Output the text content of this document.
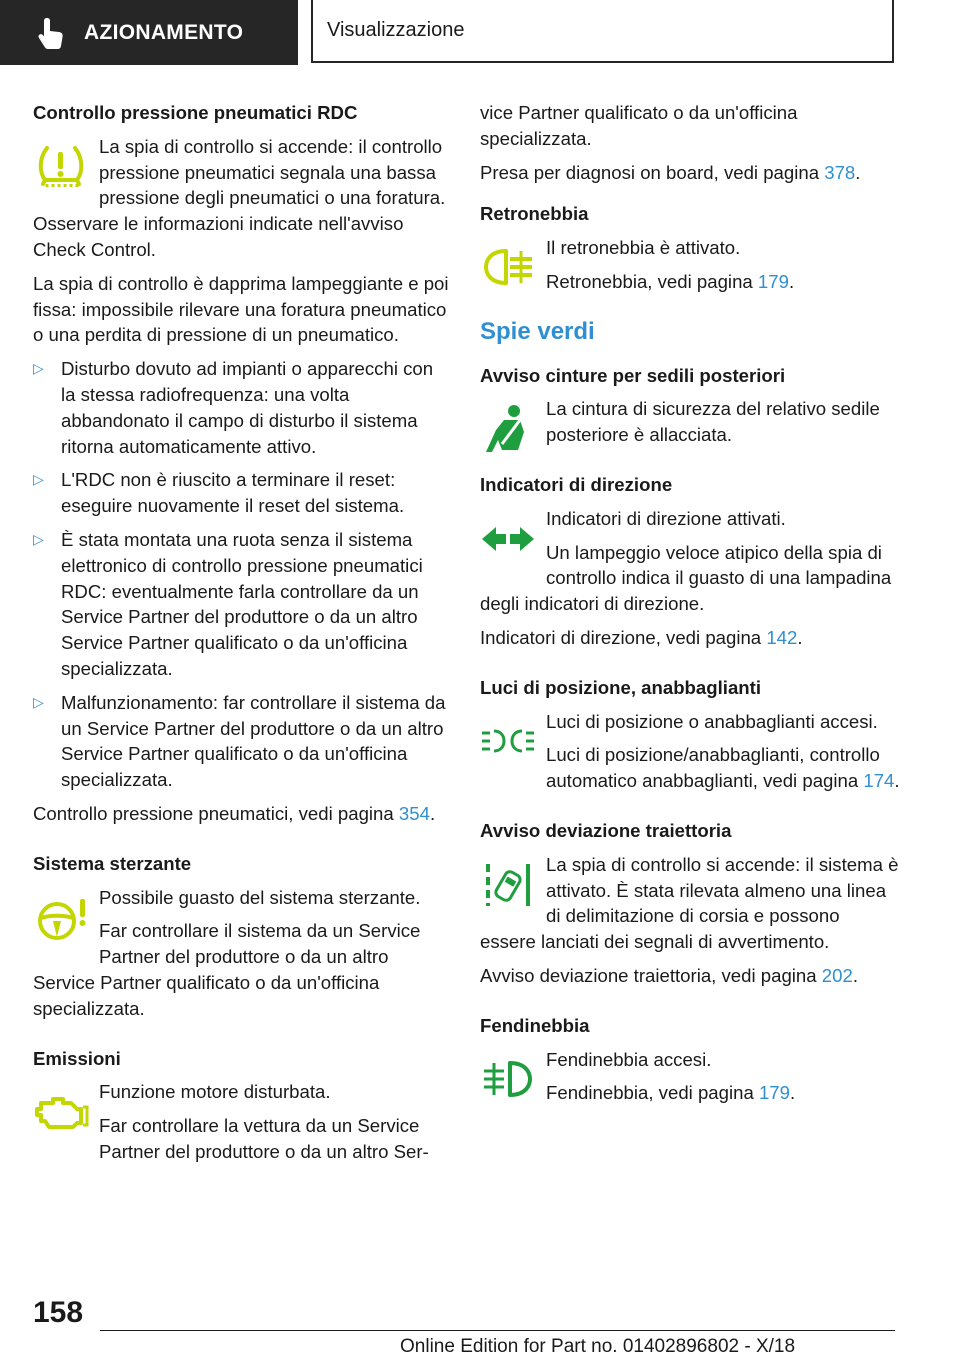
AZIONAMENTO	Visualizzazione
Controllo pressione pneumatici RDC

La spia di controllo si accende: il controllo pressione pneumatici segnala una bassa pressione degli pneumatici o una foratura. Osservare le informazioni indicate nell'avviso Check Control.

La spia di controllo è dapprima lampeggiante e poi fissa: impossibile rilevare una foratura pneumatico o una perdita di pressione di un pneumatico.

▷ Disturbo dovuto ad impianti o apparecchi con la stessa radiofrequenza: una volta abbandonato il campo di disturbo il sistema ritorna automaticamente attivo.
▷ L'RDC non è riuscito a terminare il reset: eseguire nuovamente il reset del sistema.
▷ È stata montata una ruota senza il sistema elettronico di controllo pressione pneumatici RDC: eventualmente farla controllare da un Service Partner del produttore o da un altro Service Partner qualificato o da un'officina specializzata.
▷ Malfunzionamento: far controllare il sistema da un Service Partner del produttore o da un altro Service Partner qualificato o da un'officina specializzata.

Controllo pressione pneumatici, vedi pagina 354.

Sistema sterzante

Possibile guasto del sistema sterzante.

Far controllare il sistema da un Service Partner del produttore o da un altro Service Partner qualificato o da un'officina specializzata.

Emissioni

Funzione motore disturbata.

Far controllare la vettura da un Service Partner del produttore o da un altro Ser-

vice Partner qualificato o da un'officina specializzata.

Presa per diagnosi on board, vedi pagina 378.

Retronebbia

Il retronebbia è attivato.

Retronebbia, vedi pagina 179.

Spie verdi
Avviso cinture per sedili posteriori

La cintura di sicurezza del relativo sedile posteriore è allacciata.

Indicatori di direzione

Indicatori di direzione attivati.

Un lampeggio veloce atipico della spia di controllo indica il guasto di una lampadina degli indicatori di direzione.

Indicatori di direzione, vedi pagina 142.

Luci di posizione, anabbaglianti

Luci di posizione o anabbaglianti accesi.

Luci di posizione/anabbaglianti, controllo automatico anabbaglianti, vedi pagina 174.

Avviso deviazione traiettoria

La spia di controllo si accende: il sistema è attivato. È stata rilevata almeno una linea di delimitazione di corsia e possono essere lanciati dei segnali di avvertimento.

Avviso deviazione traiettoria, vedi pagina 202.

Fendinebbia

Fendinebbia accesi.

Fendinebbia, vedi pagina 179.

158
Online Edition for Part no. 01402896802 - X/18
